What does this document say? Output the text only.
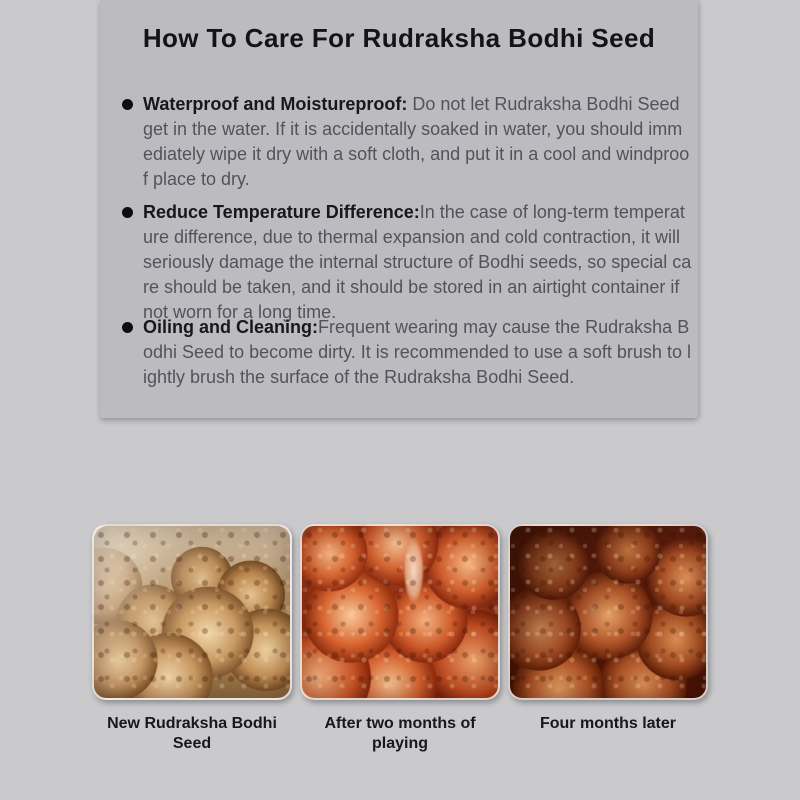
How To Care For Rudraksha Bodhi Seed
Waterproof and Moistureproof: Do not let Rudraksha Bodhi Seed get in the water. If it is accidentally soaked in water, you should immediately wipe it dry with a soft cloth, and put it in a cool and windproof place to dry.
Reduce Temperature Difference:In the case of long-term temperature difference, due to thermal expansion and cold contraction, it will seriously damage the internal structure of Bodhi seeds, so special care should be taken, and it should be stored in an airtight container if not worn for a long time.
Oiling and Cleaning:Frequent wearing may cause the Rudraksha Bodhi Seed to become dirty. It is recommended to use a soft brush to lightly brush the surface of the Rudraksha Bodhi Seed.
New Rudraksha Bodhi Seed
After two months of playing
Four months later
